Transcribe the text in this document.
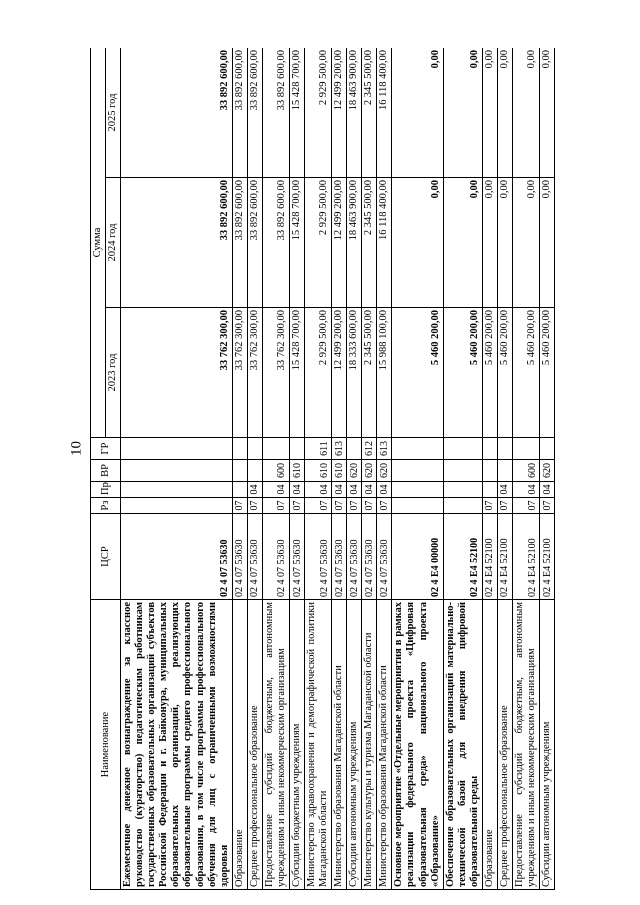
10
Наименование	ЦСР	Рз	Пр	ВР	ГР	Сумма		
						2023 год	2024 год	2025 год
Ежемесячное денежное вознаграждение за классное руководство (кураторство) педагогическим работникам государственных образовательных организаций субъектов Российской Федерации и г. Байконура, муниципальных образовательных организаций, реализующих образовательные программы среднего профессионального образования, в том числе программы профессионального обучения для лиц с ограниченными возможностями здоровья	02 4 07 53630					33 762 300,00	33 892 600,00	33 892 600,00
Образование	02 4 07 53630	07				33 762 300,00	33 892 600,00	33 892 600,00
Среднее профессиональное образование	02 4 07 53630	07	04			33 762 300,00	33 892 600,00	33 892 600,00
Предоставление субсидий бюджетным, автономным учреждениям и иным некоммерческим организациям	02 4 07 53630	07	04	600		33 762 300,00	33 892 600,00	33 892 600,00
Субсидии бюджетным учреждениям	02 4 07 53630	07	04	610		15 428 700,00	15 428 700,00	15 428 700,00
Министерство здравоохранения и демографической политики Магаданской области	02 4 07 53630	07	04	610	611	2 929 500,00	2 929 500,00	2 929 500,00
Министерство образования Магаданской области	02 4 07 53630	07	04	610	613	12 499 200,00	12 499 200,00	12 499 200,00
Субсидии автономным учреждениям	02 4 07 53630	07	04	620		18 333 600,00	18 463 900,00	18 463 900,00
Министерство культуры и туризма Магаданской области	02 4 07 53630	07	04	620	612	2 345 500,00	2 345 500,00	2 345 500,00
Министерство образования Магаданской области	02 4 07 53630	07	04	620	613	15 988 100,00	16 118 400,00	16 118 400,00
Основное мероприятие «Отдельные мероприятия в рамках реализации федерального проекта «Цифровая образовательная среда» национального проекта «Образование»	02 4 E4 00000					5 460 200,00	0,00	0,00
Обеспечение образовательных организаций материально-технической базой для внедрения цифровой образовательной среды	02 4 E4 52100					5 460 200,00	0,00	0,00
Образование	02 4 E4 52100	07				5 460 200,00	0,00	0,00
Среднее профессиональное образование	02 4 E4 52100	07	04			5 460 200,00	0,00	0,00
Предоставление субсидий бюджетным, автономным учреждениям и иным некоммерческим организациям	02 4 E4 52100	07	04	600		5 460 200,00	0,00	0,00
Субсидии автономным учреждениям	02 4 E4 52100	07	04	620		5 460 200,00	0,00	0,00
